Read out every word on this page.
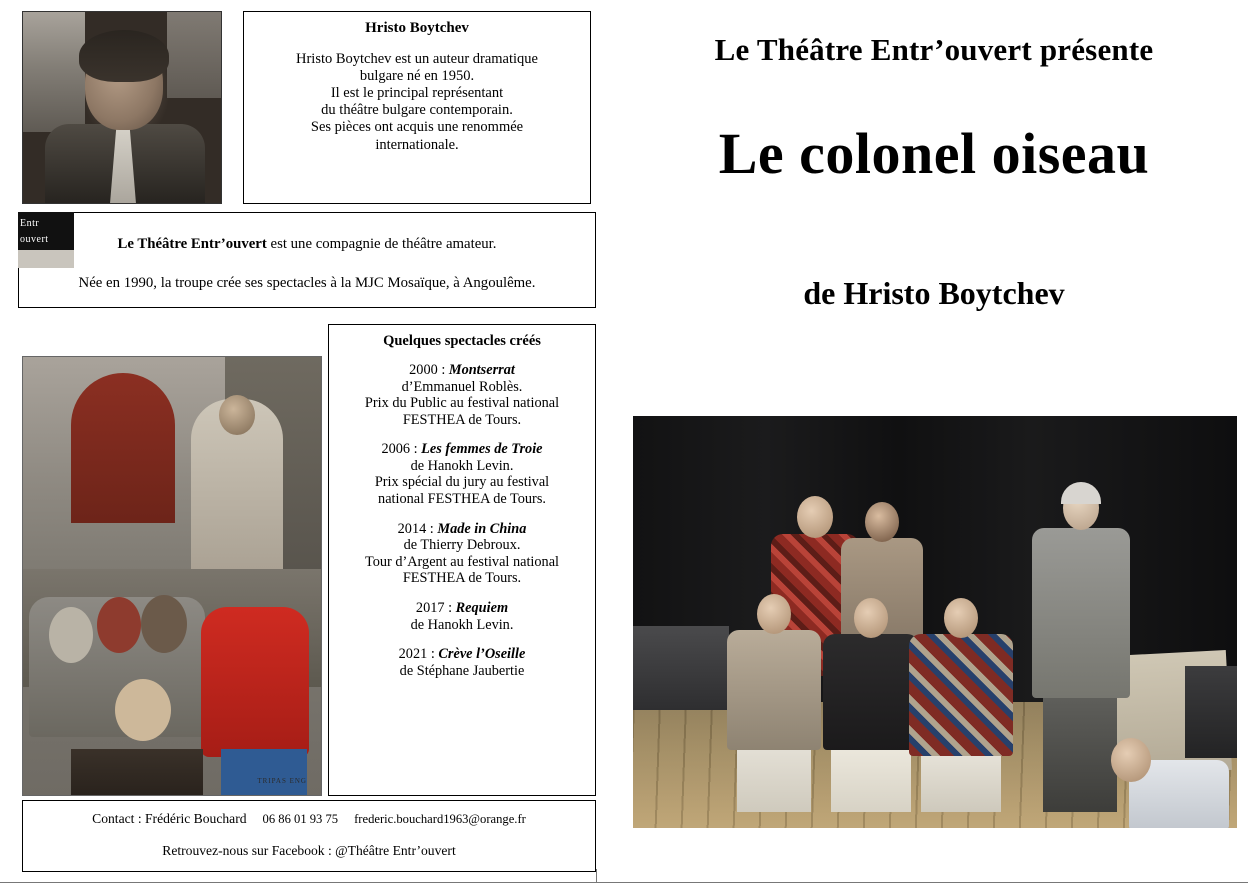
Hristo Boytchev
Hristo Boytchev est un auteur dramatique
bulgare né en 1950.
Il est le principal représentant
du théâtre bulgare contemporain.
Ses pièces ont acquis une renommée
internationale.
Le Théâtre Entr’ouvert est une compagnie de théâtre amateur.
Née en 1990, la troupe crée ses spectacles à la MJC Mosaïque, à Angoulême.
Entr
ouvert
TRIPAS ENG
Quelques spectacles créés
2000 : Montserrat
d’Emmanuel Roblès.
Prix du Public au festival national
FESTHEA de Tours.
2006 : Les femmes de Troie
de Hanokh Levin.
Prix spécial du jury au festival
national FESTHEA de Tours.
2014 : Made in China
de Thierry Debroux.
Tour d’Argent au festival national
FESTHEA de Tours.
2017 : Requiem
de Hanokh Levin.
2021 : Crève l’Oseille
de Stéphane Jaubertie
Contact : Frédéric Bouchard 06 86 01 93 75 frederic.bouchard1963@orange.fr
Retrouvez-nous sur Facebook : @Théâtre Entr’ouvert
Le Théâtre Entr’ouvert présente
Le colonel oiseau
de Hristo Boytchev
